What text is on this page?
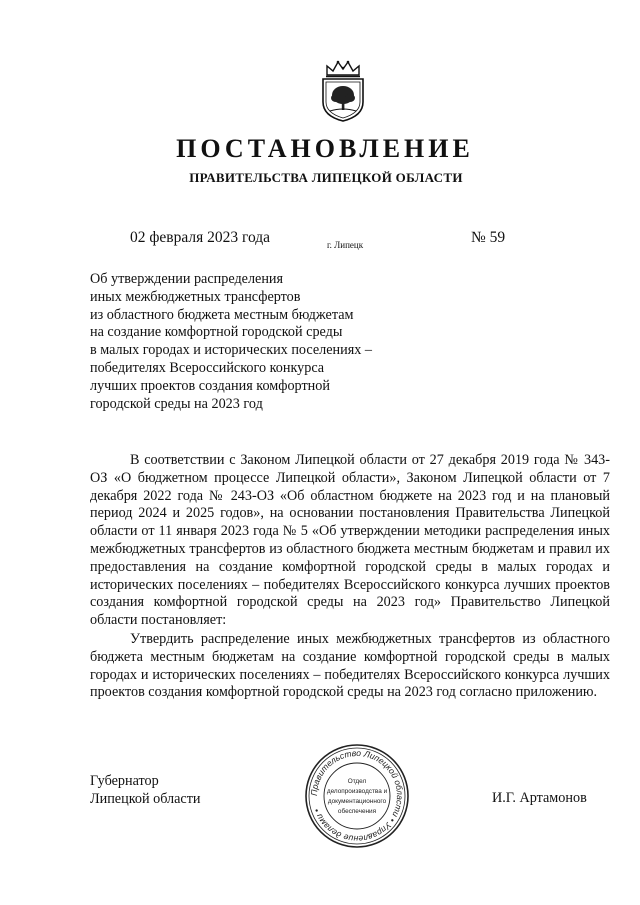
ПОСТАНОВЛЕНИЕ
ПРАВИТЕЛЬСТВА ЛИПЕЦКОЙ ОБЛАСТИ
02 февраля 2023 года	г. Липецк	№ 59
Об утверждении распределения
иных межбюджетных трансфертов
из областного бюджета местным бюджетам
на создание комфортной городской среды
в малых городах и исторических поселениях –
победителях Всероссийского конкурса
лучших проектов создания комфортной
городской среды на 2023 год

В соответствии с Законом Липецкой области от 27 декабря 2019 года № 343-ОЗ «О бюджетном процессе Липецкой области», Законом Липецкой области от 7 декабря 2022 года № 243-ОЗ «Об областном бюджете на 2023 год и на плановый период 2024 и 2025 годов», на основании постановления Правительства Липецкой области от 11 января 2023 года № 5 «Об утверждении методики распределения иных межбюджетных трансфертов из областного бюджета местным бюджетам и правил их предоставления на создание комфортной городской среды в малых городах и исторических поселениях – победителях Всероссийского конкурса лучших проектов создания комфортной городской среды на 2023 год» Правительство Липецкой области постановляет:

Утвердить распределение иных межбюджетных трансфертов из областного бюджета местным бюджетам на создание комфортной городской среды в малых городах и исторических поселениях – победителях Всероссийского конкурса лучших проектов создания комфортной городской среды на 2023 год согласно приложению.

Губернатор
Липецкой области	И.Г. Артамонов
Правительство Липецкой области • Управление делами •
Отдел
делопроизводства и
документационного
обеспечения
